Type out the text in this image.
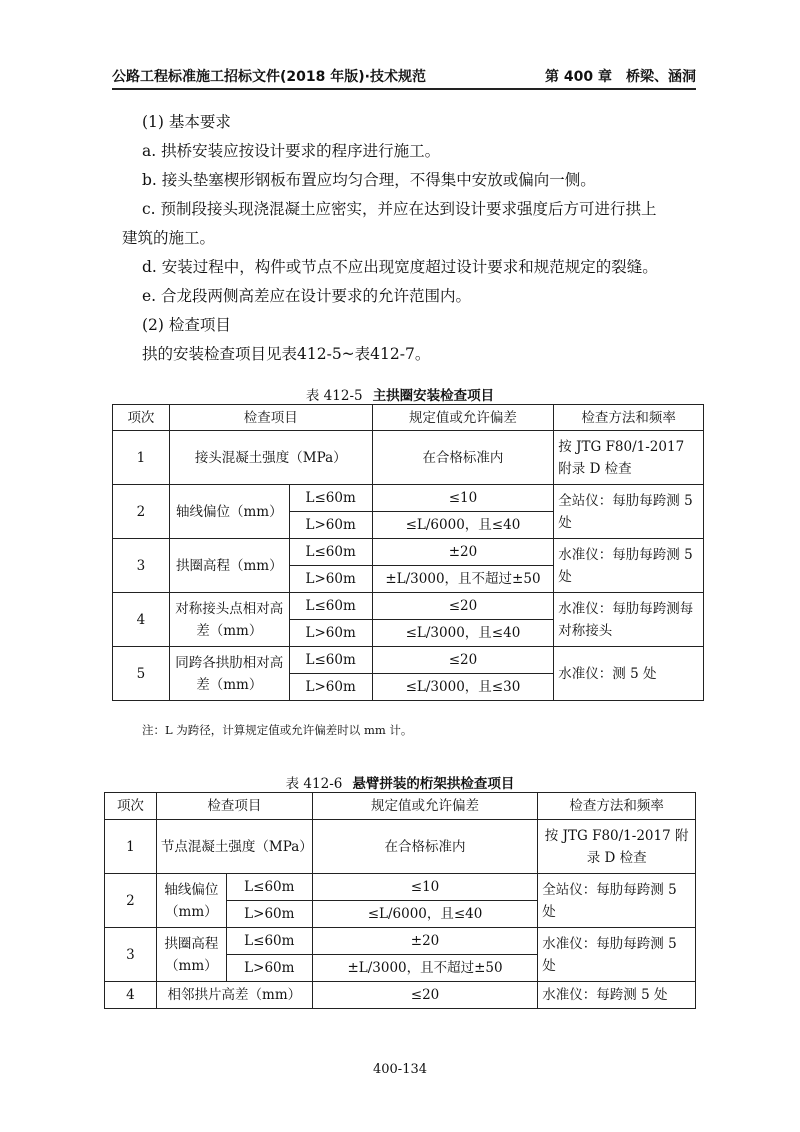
公路工程标准施工招标文件(2018 年版)·技术规范	第 400 章　桥梁、涵洞

(1) 基本要求

a. 拱桥安装应按设计要求的程序进行施工。

b. 接头垫塞楔形钢板布置应均匀合理，不得集中安放或偏向一侧。

c. 预制段接头现浇混凝土应密实，并应在达到设计要求强度后方可进行拱上

建筑的施工。

d. 安装过程中，构件或节点不应出现宽度超过设计要求和规范规定的裂缝。

e. 合龙段两侧高差应在设计要求的允许范围内。

(2) 检查项目

拱的安装检查项目见表412-5~表412-7。

表 412-5 主拱圈安装检查项目
项次	检查项目		规定值或允许偏差	检查方法和频率
1	接头混凝土强度（MPa）		在合格标准内	按 JTG F80/1-2017 附录 D 检查
2	轴线偏位（mm）	L≤60m	≤10	全站仪：每肋每跨测 5 处
		L>60m	≤L/6000，且≤40	
3	拱圈高程（mm）	L≤60m	±20	水准仪：每肋每跨测 5 处
		L>60m	±L/3000，且不超过±50	
4	对称接头点相对高差（mm）	L≤60m	≤20	水准仪：每肋每跨测每对称接头
		L>60m	≤L/3000，且≤40	
5	同跨各拱肋相对高差（mm）	L≤60m	≤20	水准仪：测 5 处
		L>60m	≤L/3000，且≤30	
注：L 为跨径，计算规定值或允许偏差时以 mm 计。
表 412-6 悬臂拼装的桁架拱检查项目
项次	检查项目		规定值或允许偏差	检查方法和频率
1	节点混凝土强度（MPa）		在合格标准内	按 JTG F80/1-2017 附录 D 检查
2	轴线偏位（mm）	L≤60m	≤10	全站仪：每肋每跨测 5 处
		L>60m	≤L/6000，且≤40	
3	拱圈高程（mm）	L≤60m	±20	水准仪：每肋每跨测 5 处
		L>60m	±L/3000，且不超过±50	
4	相邻拱片高差（mm）		≤20	水准仪：每跨测 5 处
400-134
